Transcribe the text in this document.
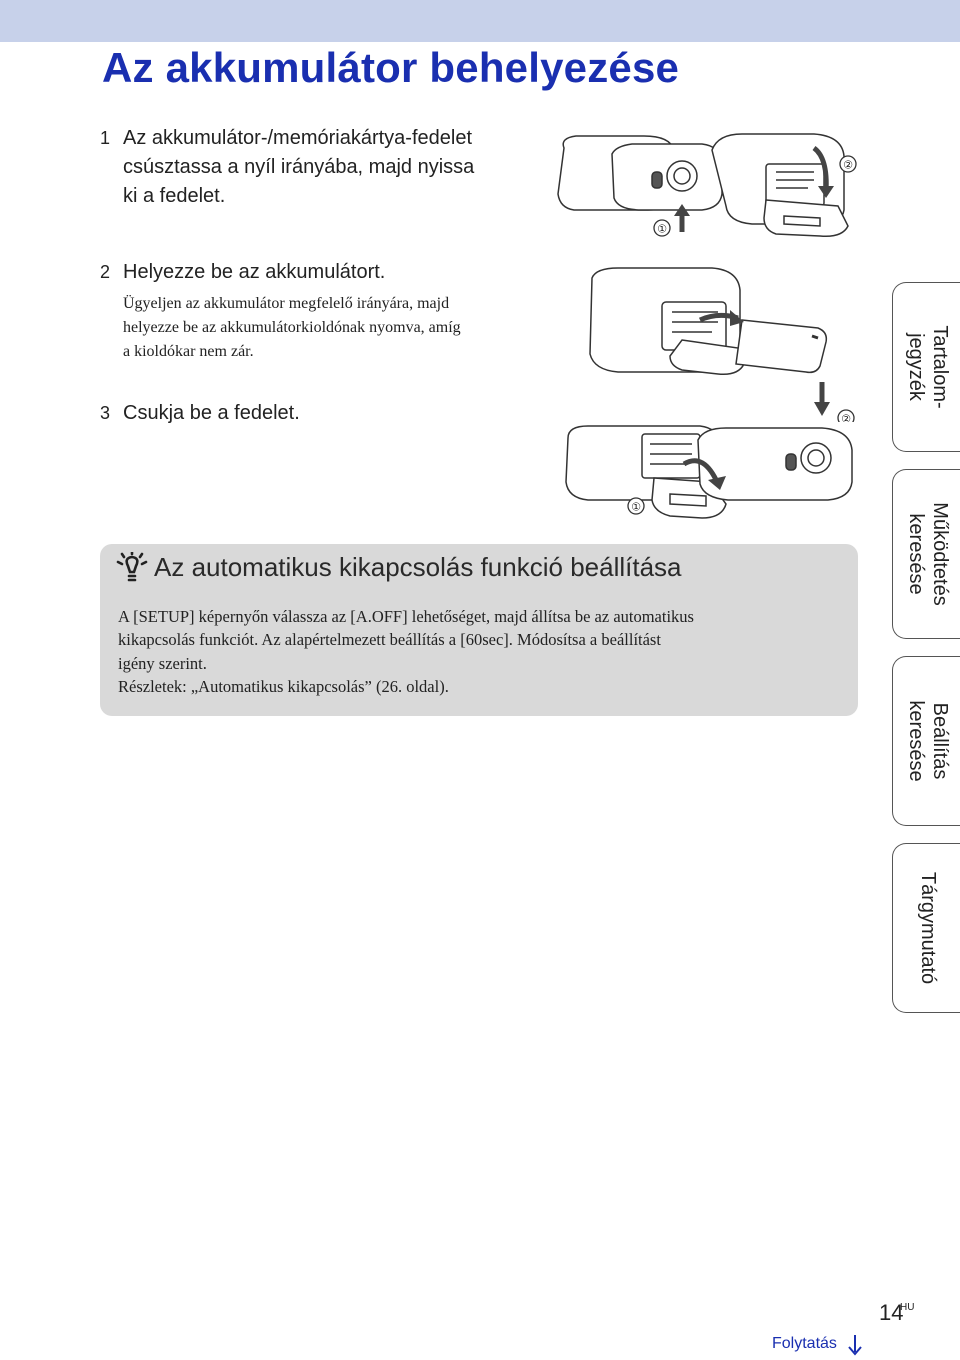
Az akkumulátor behelyezése
1 Az akkumulátor-/memóriakártya-fedelet
csúsztassa a nyíl irányába, majd nyissa
ki a fedelet.
2 Helyezze be az akkumulátort.
Ügyeljen az akkumulátor megfelelő irányára, majd
helyezze be az akkumulátorkioldónak nyomva, amíg
a kioldókar nem zár.
3 Csukja be a fedelet.
①
②
②
①
Az automatikus kikapcsolás funkció beállítása
A [SETUP] képernyőn válassza az [A.OFF] lehetőséget, majd állítsa be az automatikus
kikapcsolás funkciót. Az alapértelmezett beállítás a [60sec]. Módosítsa a beállítást
igény szerint.
Részletek: „Automatikus kikapcsolás” (26. oldal).
Tartalom-
jegyzék
Működtetés
keresése
Beállítás
keresése
Tárgymutató
14
HU
Folytatás
